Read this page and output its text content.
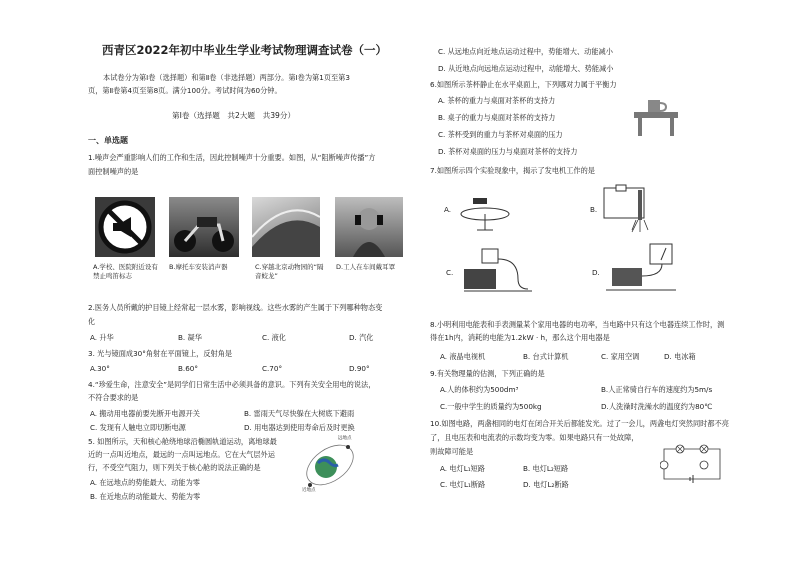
西青区2022年初中毕业生学业考试物理调查试卷（一）
本试卷分为第Ⅰ卷（选择题）和第Ⅱ卷（非选择题）两部分。第Ⅰ卷为第1页至第3
页，第Ⅱ卷第4页至第8页。满分100分。考试时间为60分钟。
第Ⅰ卷（选择题　共2大题　共39分）
一、单选题
1.噪声会严重影响人们的工作和生活，因此控制噪声十分重要。如图，从“阻断噪声传播”方
面控制噪声的是
A.学校、医院附近设有禁止鸣笛标志
B.摩托车安装消声器	C.穿越北京动物园的“隔音蛟龙”
D.工人在车间戴耳罩
2.医务人员所戴的护目镜上经常起一层水雾，影响视线。这些水雾的产生属于下列哪种物态变
化
A. 升华	B. 凝华	C. 液化	D. 汽化
3. 光与镜面成30°角射在平面镜上，反射角是
A.30°	B.60°	C.70°	D.90°
4.“珍爱生命，注意安全”是同学们日常生活中必须具备的意识。下列有关安全用电的说法，
不符合要求的是
A. 搬动用电器前要先断开电源开关	B. 雷雨天气尽快躲在大树底下避雨
C. 发现有人触电立即切断电源	D. 用电器达到使用寿命后及时更换
5. 如图所示，天和核心舱绕地球沿椭圆轨道运动，离地球最
近的一点叫近地点，最远的一点叫远地点。它在大气层外运
行，不受空气阻力，则下列关于核心舱的说法正确的是
A. 在远地点的势能最大、动能为零
B. 在近地点的动能最大、势能为零
远地点
近地点
C. 从远地点向近地点运动过程中，势能增大、动能减小
D. 从近地点向远地点运动过程中，动能增大、势能减小
6.如图所示茶杯静止在水平桌面上，下列哪对力属于平衡力
A. 茶杯的重力与桌面对茶杯的支持力
B. 桌子的重力与桌面对茶杯的支持力
C. 茶杯受到的重力与茶杯对桌面的压力
D. 茶杯对桌面的压力与桌面对茶杯的支持力
7.如图所示四个实验现象中，揭示了发电机工作的是
A.	B.
C.	D.
8.小明利用电能表和手表测量某个家用电器的电功率，当电路中只有这个电器连续工作时，测
得在1h内，消耗的电能为1.2kW · h，那么这个用电器是
A. 液晶电视机	B. 台式计算机	C. 家用空调	D. 电冰箱
9.有关物理量的估测，下列正确的是
A.人的体积约为500dm³	B.人正常骑自行车的速度约为5m/s
C.一般中学生的质量约为500kg	D.人洗澡时洗澡水的温度约为80℃
10.如图电路，两盏相同的电灯在闭合开关后都能发光。过了一会儿，两盏电灯突然同时都不亮
了，且电压表和电流表的示数均变为零。如果电路只有一处故障，
则故障可能是
A. 电灯L₁短路	B. 电灯L₂短路
C. 电灯L₁断路	D. 电灯L₂断路
